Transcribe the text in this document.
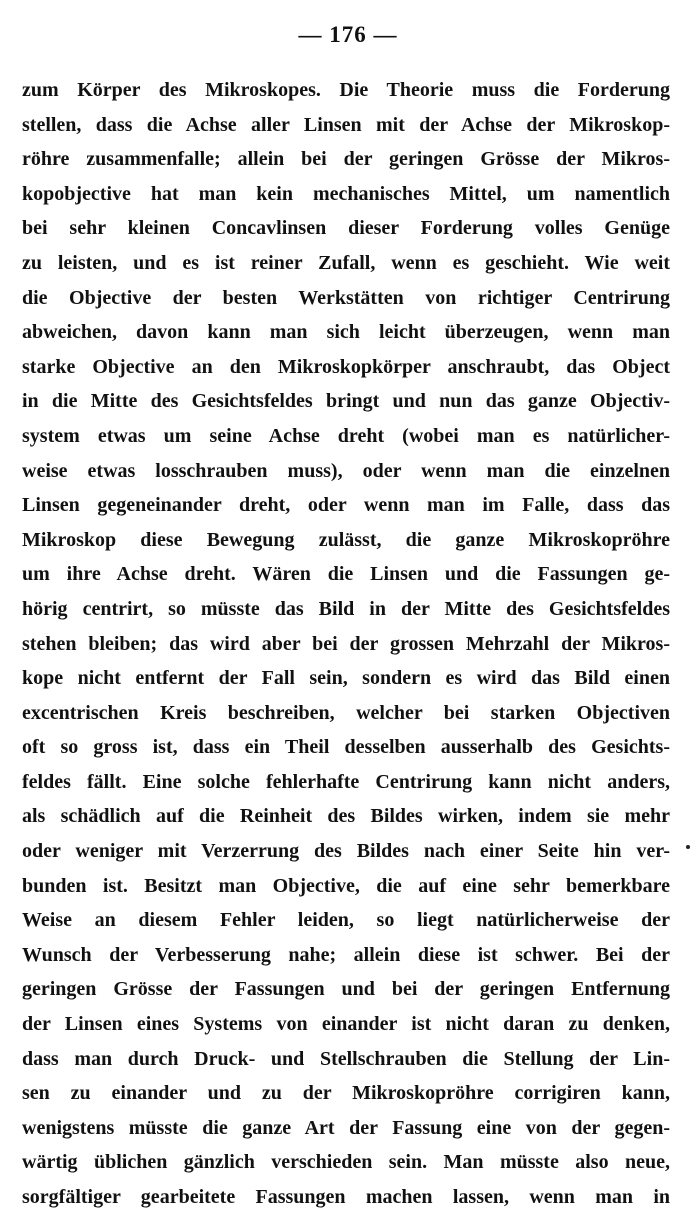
— 176 —
zum Körper des Mikroskopes. Die Theorie muss die Forderung
stellen, dass die Achse aller Linsen mit der Achse der Mikroskop-
röhre zusammenfalle; allein bei der geringen Grösse der Mikros-
kopobjective hat man kein mechanisches Mittel, um namentlich
bei sehr kleinen Concavlinsen dieser Forderung volles Genüge
zu leisten, und es ist reiner Zufall, wenn es geschieht. Wie weit
die Objective der besten Werkstätten von richtiger Centrirung
abweichen, davon kann man sich leicht überzeugen, wenn man
starke Objective an den Mikroskopkörper anschraubt, das Object
in die Mitte des Gesichtsfeldes bringt und nun das ganze Objectiv-
system etwas um seine Achse dreht (wobei man es natürlicher-
weise etwas losschrauben muss), oder wenn man die einzelnen
Linsen gegeneinander dreht, oder wenn man im Falle, dass das
Mikroskop diese Bewegung zulässt, die ganze Mikroskopröhre
um ihre Achse dreht. Wären die Linsen und die Fassungen ge-
hörig centrirt, so müsste das Bild in der Mitte des Gesichtsfeldes
stehen bleiben; das wird aber bei der grossen Mehrzahl der Mikros-
kope nicht entfernt der Fall sein, sondern es wird das Bild einen
excentrischen Kreis beschreiben, welcher bei starken Objectiven
oft so gross ist, dass ein Theil desselben ausserhalb des Gesichts-
feldes fällt. Eine solche fehlerhafte Centrirung kann nicht anders,
als schädlich auf die Reinheit des Bildes wirken, indem sie mehr
oder weniger mit Verzerrung des Bildes nach einer Seite hin ver-
bunden ist. Besitzt man Objective, die auf eine sehr bemerkbare
Weise an diesem Fehler leiden, so liegt natürlicherweise der
Wunsch der Verbesserung nahe; allein diese ist schwer. Bei der
geringen Grösse der Fassungen und bei der geringen Entfernung
der Linsen eines Systems von einander ist nicht daran zu denken,
dass man durch Druck- und Stellschrauben die Stellung der Lin-
sen zu einander und zu der Mikroskopröhre corrigiren kann,
wenigstens müsste die ganze Art der Fassung eine von der gegen-
wärtig üblichen gänzlich verschieden sein. Man müsste also neue,
sorgfältiger gearbeitete Fassungen machen lassen, wenn man in
